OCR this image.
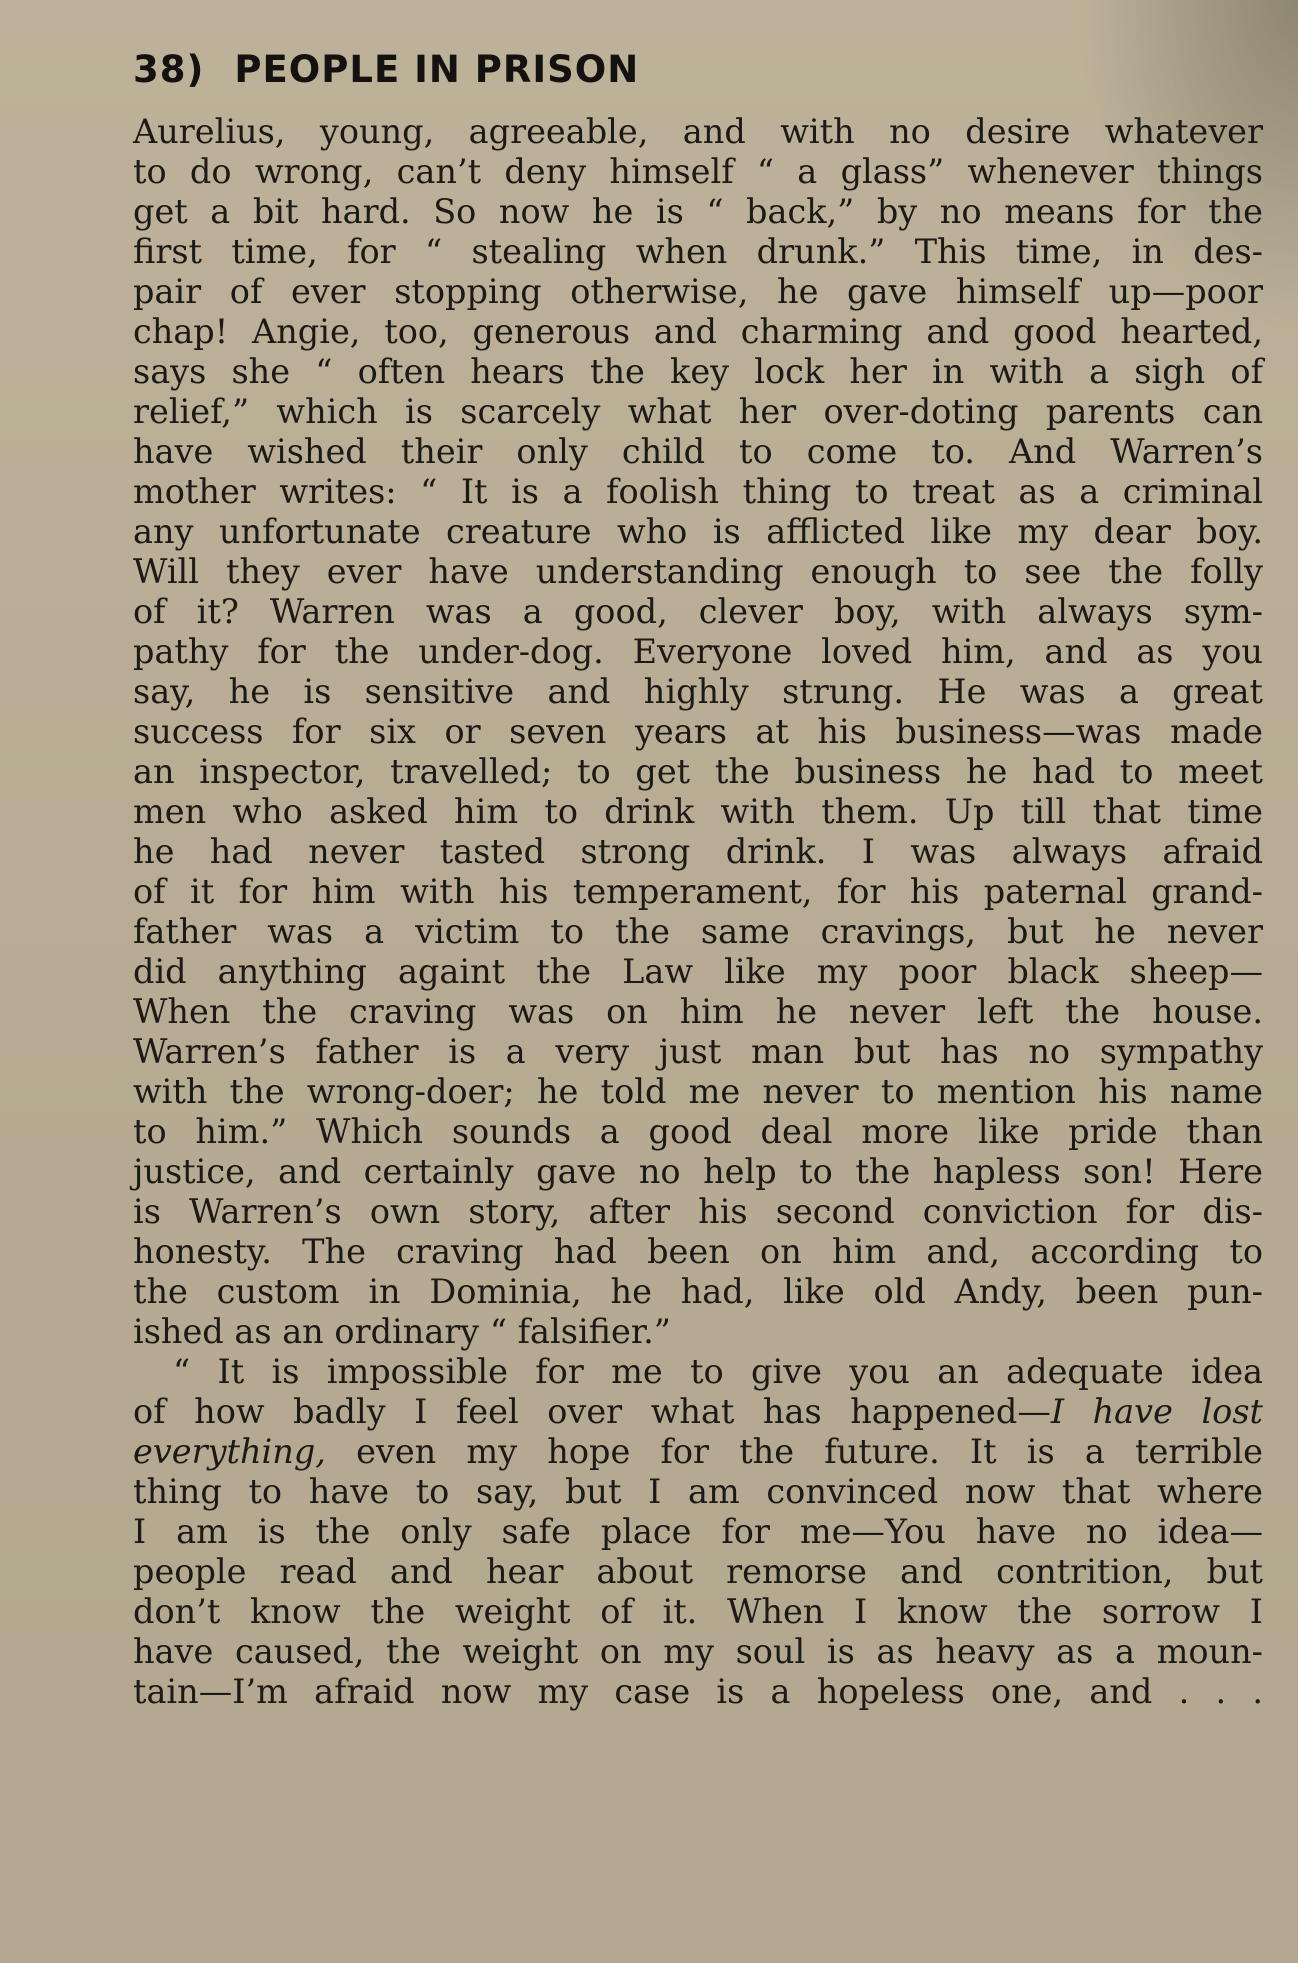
38) PEOPLE IN PRISON
Aurelius, young, agreeable, and with no desire whatever
to do wrong, can’t deny himself “ a glass” whenever things
get a bit hard. So now he is “ back,” by no means for the
first time, for “ stealing when drunk.” This time, in des-
pair of ever stopping otherwise, he gave himself up—poor
chap! Angie, too, generous and charming and good hearted,
says she “ often hears the key lock her in with a sigh of
relief,” which is scarcely what her over-doting parents can
have wished their only child to come to. And Warren’s
mother writes: “ It is a foolish thing to treat as a criminal
any unfortunate creature who is afflicted like my dear boy.
Will they ever have understanding enough to see the folly
of it? Warren was a good, clever boy, with always sym-
pathy for the under-dog. Everyone loved him, and as you
say, he is sensitive and highly strung. He was a great
success for six or seven years at his business—was made
an inspector, travelled; to get the business he had to meet
men who asked him to drink with them. Up till that time
he had never tasted strong drink. I was always afraid
of it for him with his temperament, for his paternal grand-
father was a victim to the same cravings, but he never
did anything againt the Law like my poor black sheep—
When the craving was on him he never left the house.
Warren’s father is a very just man but has no sympathy
with the wrong-doer; he told me never to mention his name
to him.” Which sounds a good deal more like pride than
justice, and certainly gave no help to the hapless son! Here
is Warren’s own story, after his second conviction for dis-
honesty. The craving had been on him and, according to
the custom in Dominia, he had, like old Andy, been pun-
ished as an ordinary “ falsifier.”
“ It is impossible for me to give you an adequate idea
of how badly I feel over what has happened—I have lost
everything, even my hope for the future. It is a terrible
thing to have to say, but I am convinced now that where
I am is the only safe place for me—You have no idea—
people read and hear about remorse and contrition, but
don’t know the weight of it. When I know the sorrow I
have caused, the weight on my soul is as heavy as a moun-
tain—I’m afraid now my case is a hopeless one, and . . .
